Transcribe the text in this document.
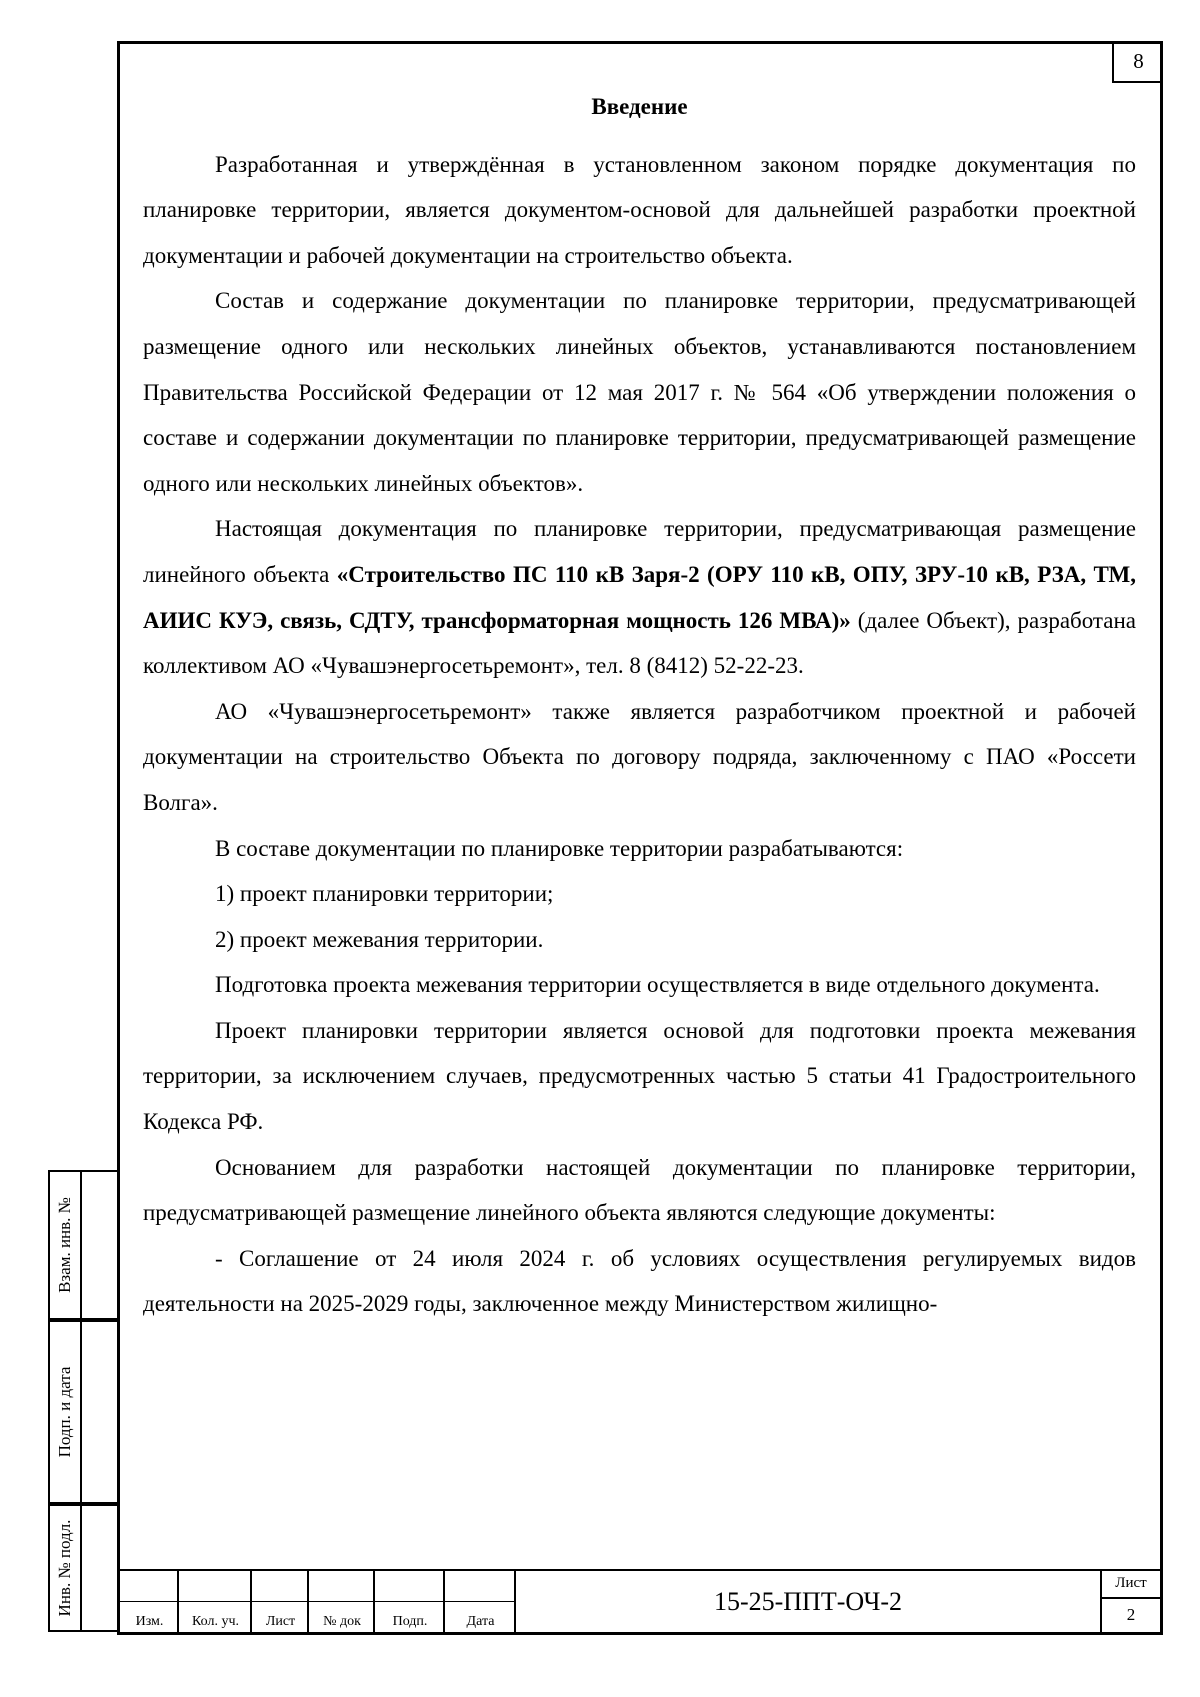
8
Введение

Разработанная и утверждённая в установленном законом порядке документация по планировке территории, является документом-основой для дальнейшей разработки проектной документации и рабочей документации на строительство объекта.

Состав и содержание документации по планировке территории, предусматривающей размещение одного или нескольких линейных объектов, устанавливаются постановлением Правительства Российской Федерации от 12 мая 2017 г. № 564 «Об утверждении положения о составе и содержании документации по планировке территории, предусматривающей размещение одного или нескольких линейных объектов».

Настоящая документация по планировке территории, предусматривающая размещение линейного объекта «Строительство ПС 110 кВ Заря-2 (ОРУ 110 кВ, ОПУ, ЗРУ-10 кВ, РЗА, ТМ, АИИС КУЭ, связь, СДТУ, трансформаторная мощность 126 МВА)» (далее Объект), разработана коллективом АО «Чувашэнергосетьремонт», тел. 8 (8412) 52-22-23.

АО «Чувашэнергосетьремонт» также является разработчиком проектной и рабочей документации на строительство Объекта по договору подряда, заключенному с ПАО «Россети Волга».

В составе документации по планировке территории разрабатываются:

1) проект планировки территории;

2) проект межевания территории.

Подготовка проекта межевания территории осуществляется в виде отдельного документа.

Проект планировки территории является основой для подготовки проекта межевания территории, за исключением случаев, предусмотренных частью 5 статьи 41 Градостроительного Кодекса РФ.

Основанием для разработки настоящей документации по планировке территории, предусматривающей размещение линейного объекта являются следующие документы:

- Соглашение от 24 июля 2024 г. об условиях осуществления регулируемых видов деятельности на 2025-2029 годы, заключенное между Министерством жилищно-

Взам. инв. №
Подп. и дата
Инв. № подл.
Изм.	Кол. уч.	Лист	№ док	Подп.	Дата
15-25-ППТ-ОЧ-2
Лист
2
